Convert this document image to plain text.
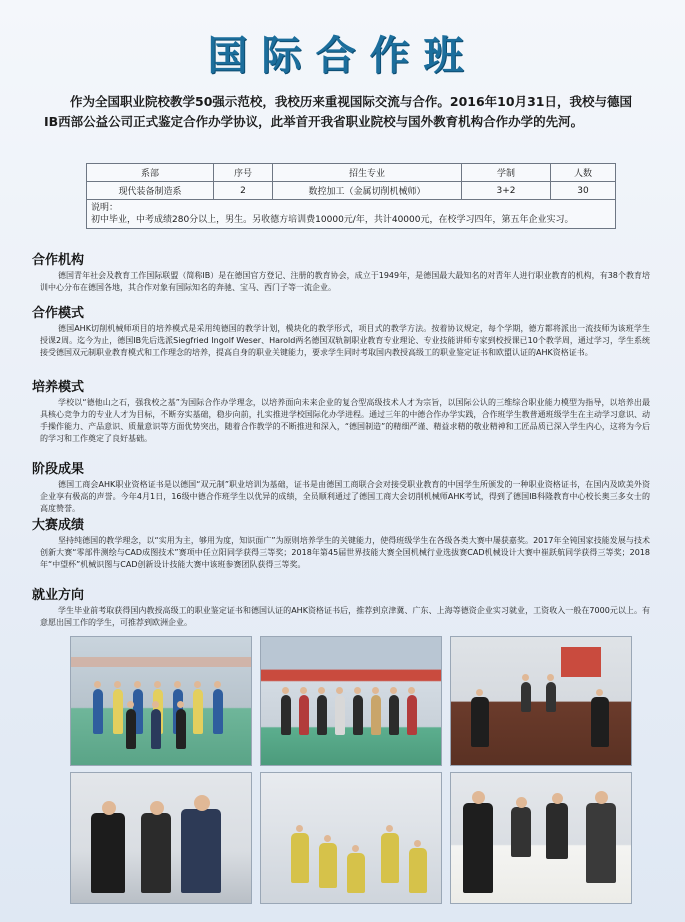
国际合作班

作为全国职业院校教学50强示范校，我校历来重视国际交流与合作。2016年10月31日，我校与德国IB西部公益公司正式鉴定合作办学协议，此举首开我省职业院校与国外教育机构合作办学的先河。

系部	序号	招生专业	学制	人数
现代装备制造系	2	数控加工（金属切削机械师）	3+2	30
说明：
初中毕业，中考成绩280分以上，男生。另收德方培训费10000元/年，共计40000元，在校学习四年，第五年企业实习。				
合作机构

德国青年社会及教育工作国际联盟（简称IB）是在德国官方登记、注册的教育协会，成立于1949年，是德国最大最知名的对青年人进行职业教育的机构，有38个教育培训中心分布在德国各地，其合作对象有国际知名的奔驰、宝马、西门子等一流企业。

合作模式

德国AHK切削机械师项目的培养模式是采用纯德国的教学计划，模块化的教学形式，项目式的教学方法。按着协议规定，每个学期，德方都将派出一流技师为该班学生授课2周。迄今为止，德国IB先后选派Siegfried Ingolf Weser、Harold两名德国双轨制职业教育专业理论、专业技能讲师专家到校授课已10个教学周，通过学习，学生系统接受德国双元制职业教育模式和工作理念的培养，提高自身的职业关键能力，要求学生同时考取国内教授高级工的职业鉴定证书和欧盟认证的AHK资格证书。

培养模式

学校以“德他山之石，强我校之基”为国际合作办学理念，以培养面向未来企业的复合型高级技术人才为宗旨，以国际公认的三维综合职业能力模型为指导，以培养出最具核心竞争力的专业人才为目标，不断夯实基础，稳步向前，扎实推进学校国际化办学进程。通过三年的中德合作办学实践，合作班学生教普通班级学生在主动学习意识、动手操作能力、产品意识、质量意识等方面优势突出，随着合作教学的不断推进和深入，“德国制造”的精细严谨、精益求精的敬业精神和工匠品质已深入学生内心，这将为今后的学习和工作奠定了良好基础。

阶段成果

德国工商会AHK职业资格证书是以德国“双元制”职业培训为基础，证书是由德国工商联合会对接受职业教育的中国学生所颁发的一种职业资格证书，在国内及欧美外资企业享有极高的声誉。今年4月1日，16级中德合作班学生以优异的成绩，全员顺利通过了德国工商大会切削机械师AHK考试，得到了德国IB科隆教育中心校长奥三多女士的高度赞誉。

大赛成绩

坚持纯德国的教学理念，以“实用为主，够用为度，知识面广”为原则培养学生的关键能力，使得班级学生在各级各类大赛中屡获嘉奖。2017年全钝国家技能发展与技术创新大赛“零部件测绘与CAD成图技术”赛项中任立阳同学获得三等奖；2018年第45届世界技能大赛全国机械行业选拔赛CAD机械设计大赛中崔跃航同学获得三等奖；2018年“中望杯”机械识图与CAD创新设计技能大赛中该班参赛团队获得三等奖。

就业方向

学生毕业前考取获得国内教授高级工的职业鉴定证书和德国认证的AHK资格证书后，推荐到京津冀、广东、上海等德资企业实习就业，工资收入一般在7000元以上。有意愿出国工作的学生，可推荐到欧洲企业。
